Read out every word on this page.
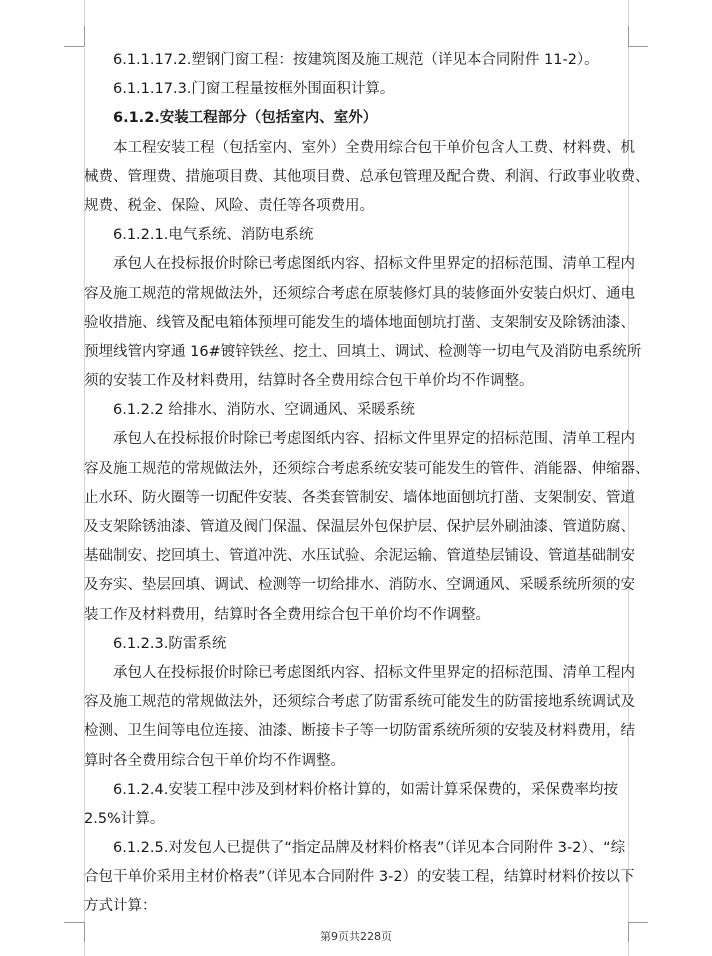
6.1.1.17.2.塑钢门窗工程：按建筑图及施工规范（详见本合同附件 11-2）。
6.1.1.17.3.门窗工程量按框外围面积计算。
6.1.2.安装工程部分（包括室内、室外）
本工程安装工程（包括室内、室外）全费用综合包干单价包含人工费、材料费、机
械费、管理费、措施项目费、其他项目费、总承包管理及配合费、利润、行政事业收费、
规费、税金、保险、风险、责任等各项费用。
6.1.2.1.电气系统、消防电系统
承包人在投标报价时除已考虑图纸内容、招标文件里界定的招标范围、清单工程内
容及施工规范的常规做法外，还须综合考虑在原装修灯具的装修面外安装白炽灯、通电
验收措施、线管及配电箱体预埋可能发生的墙体地面刨坑打凿、支架制安及除锈油漆、
预埋线管内穿通 16#镀锌铁丝、挖土、回填土、调试、检测等一切电气及消防电系统所
须的安装工作及材料费用，结算时各全费用综合包干单价均不作调整。
6.1.2.2 给排水、消防水、空调通风、采暖系统
承包人在投标报价时除已考虑图纸内容、招标文件里界定的招标范围、清单工程内
容及施工规范的常规做法外，还须综合考虑系统安装可能发生的管件、消能器、伸缩器、
止水环、防火圈等一切配件安装、各类套管制安、墙体地面刨坑打凿、支架制安、管道
及支架除锈油漆、管道及阀门保温、保温层外包保护层、保护层外刷油漆、管道防腐、
基础制安、挖回填土、管道冲洗、水压试验、余泥运输、管道垫层铺设、管道基础制安
及夯实、垫层回填、调试、检测等一切给排水、消防水、空调通风、采暖系统所须的安
装工作及材料费用，结算时各全费用综合包干单价均不作调整。
6.1.2.3.防雷系统
承包人在投标报价时除已考虑图纸内容、招标文件里界定的招标范围、清单工程内
容及施工规范的常规做法外，还须综合考虑了防雷系统可能发生的防雷接地系统调试及
检测、卫生间等电位连接、油漆、断接卡子等一切防雷系统所须的安装及材料费用，结
算时各全费用综合包干单价均不作调整。
6.1.2.4.安装工程中涉及到材料价格计算的，如需计算采保费的，采保费率均按
2.5%计算。
6.1.2.5.对发包人已提供了“指定品牌及材料价格表”（详见本合同附件 3-2）、“综
合包干单价采用主材价格表”（详见本合同附件 3-2）的安装工程，结算时材料价按以下
方式计算：
第9页共228页
